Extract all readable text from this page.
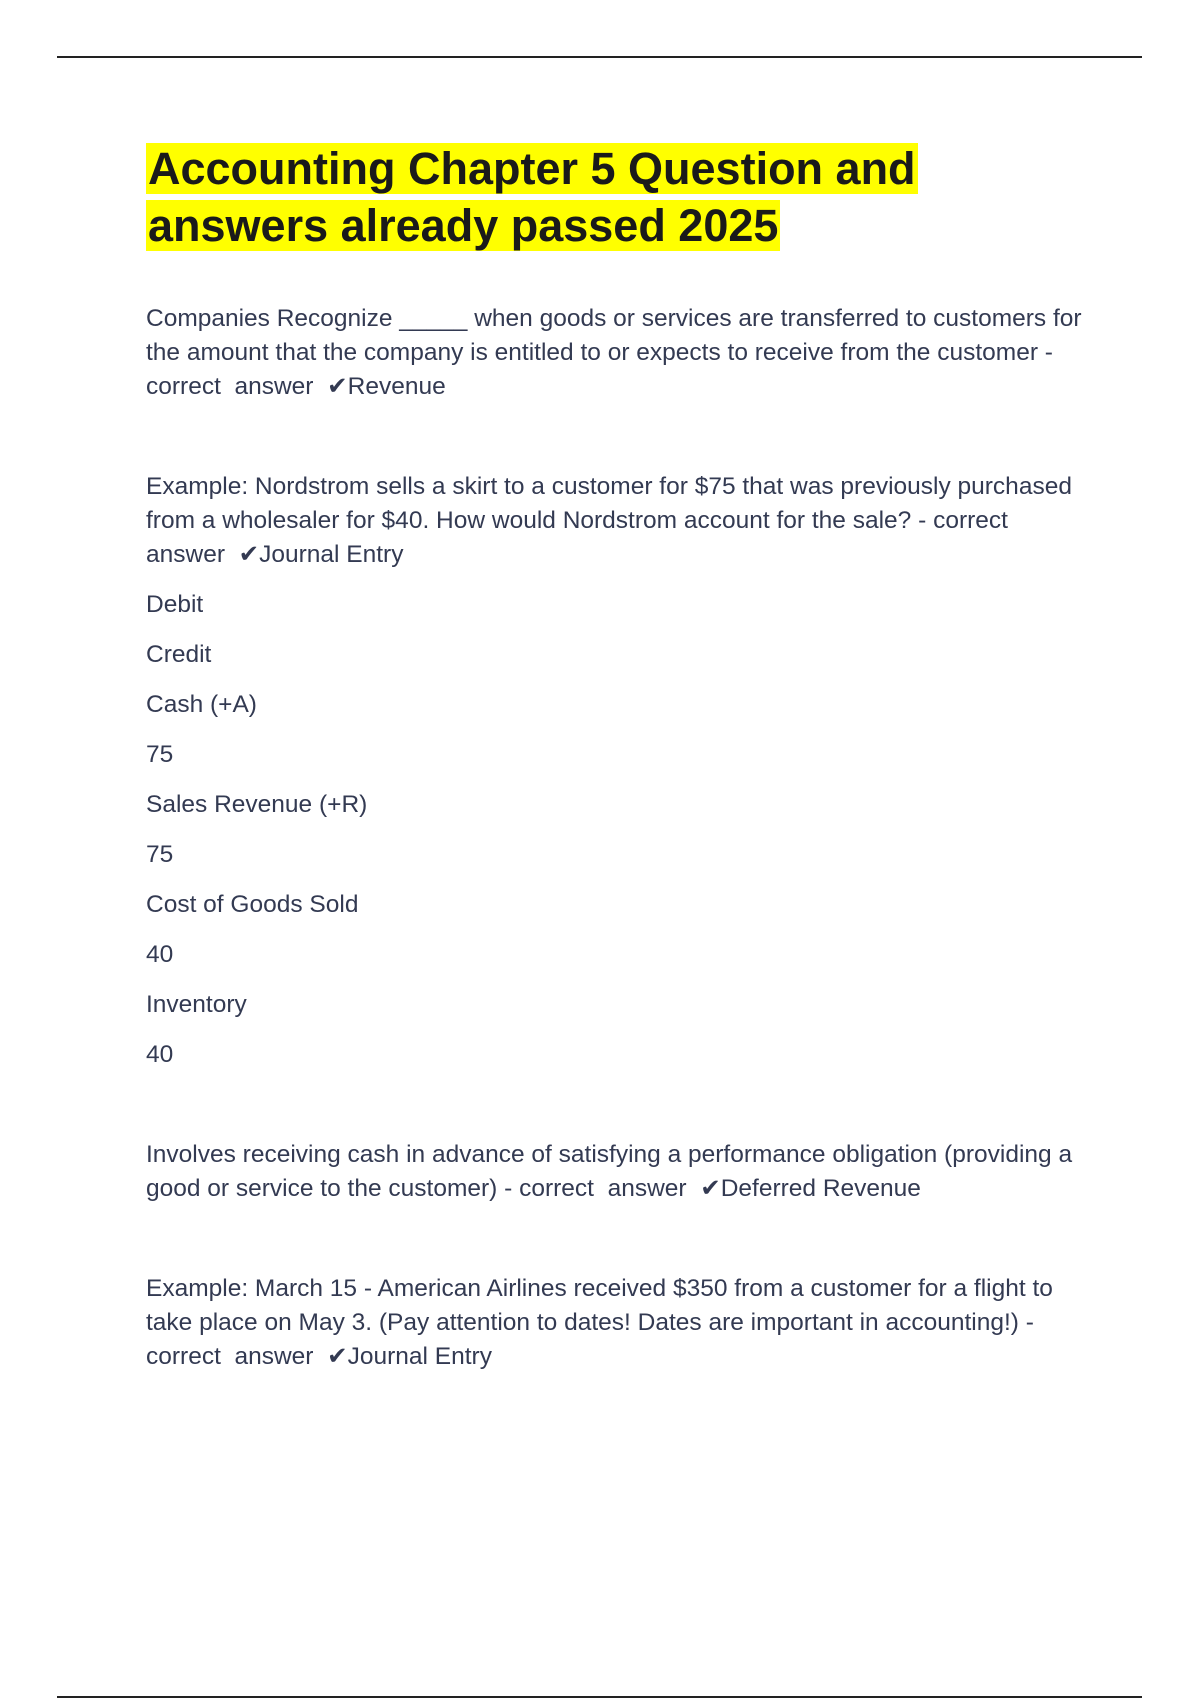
Accounting Chapter 5 Question and answers already passed 2025

Companies Recognize _____ when goods or services are transferred to customers for the amount that the company is entitled to or expects to receive from the customer - correct  answer  ✔Revenue

Example: Nordstrom sells a skirt to a customer for $75 that was previously purchased from a wholesaler for $40. How would Nordstrom account for the sale? - correct  answer  ✔Journal Entry

Debit
Credit
Cash (+A)
75
Sales Revenue (+R)
75
Cost of Goods Sold
40
Inventory
40

Involves receiving cash in advance of satisfying a performance obligation (providing a good or service to the customer) - correct  answer  ✔Deferred Revenue

Example: March 15 - American Airlines received $350 from a customer for a flight to take place on May 3. (Pay attention to dates! Dates are important in accounting!) - correct  answer  ✔Journal Entry
